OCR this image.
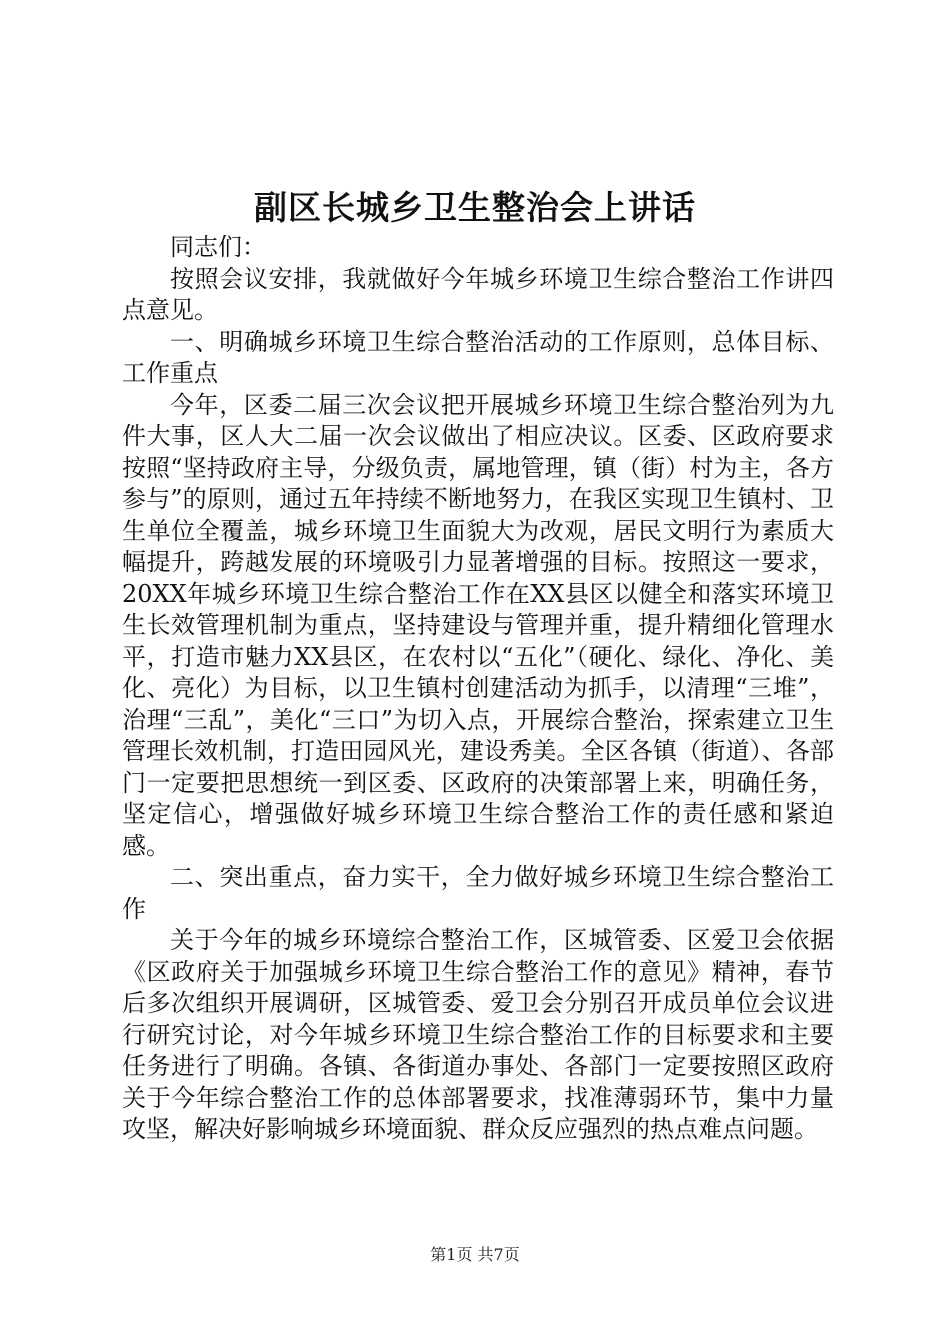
副区长城乡卫生整治会上讲话

同志们：

按照会议安排，我就做好今年城乡环境卫生综合整治工作讲四点意见。

一、明确城乡环境卫生综合整治活动的工作原则，总体目标、工作重点

今年，区委二届三次会议把开展城乡环境卫生综合整治列为九件大事，区人大二届一次会议做出了相应决议。区委、区政府要求按照“坚持政府主导，分级负责，属地管理，镇（街）村为主，各方参与”的原则，通过五年持续不断地努力，在我区实现卫生镇村、卫生单位全覆盖，城乡环境卫生面貌大为改观，居民文明行为素质大幅提升，跨越发展的环境吸引力显著增强的目标。按照这一要求，20XX年城乡环境卫生综合整治工作在XX县区以健全和落实环境卫生长效管理机制为重点，坚持建设与管理并重，提升精细化管理水平，打造市魅力XX县区，在农村以“五化”（硬化、绿化、净化、美化、亮化）为目标，以卫生镇村创建活动为抓手，以清理“三堆”，治理“三乱”，美化“三口”为切入点，开展综合整治，探索建立卫生管理长效机制，打造田园风光，建设秀美。全区各镇（街道）、各部门一定要把思想统一到区委、区政府的决策部署上来，明确任务，坚定信心，增强做好城乡环境卫生综合整治工作的责任感和紧迫感。

二、突出重点，奋力实干，全力做好城乡环境卫生综合整治工作

关于今年的城乡环境综合整治工作，区城管委、区爱卫会依据《区政府关于加强城乡环境卫生综合整治工作的意见》精神，春节后多次组织开展调研，区城管委、爱卫会分别召开成员单位会议进行研究讨论，对今年城乡环境卫生综合整治工作的目标要求和主要任务进行了明确。各镇、各街道办事处、各部门一定要按照区政府关于今年综合整治工作的总体部署要求，找准薄弱环节，集中力量攻坚，解决好影响城乡环境面貌、群众反应强烈的热点难点问题。

第1页 共7页
